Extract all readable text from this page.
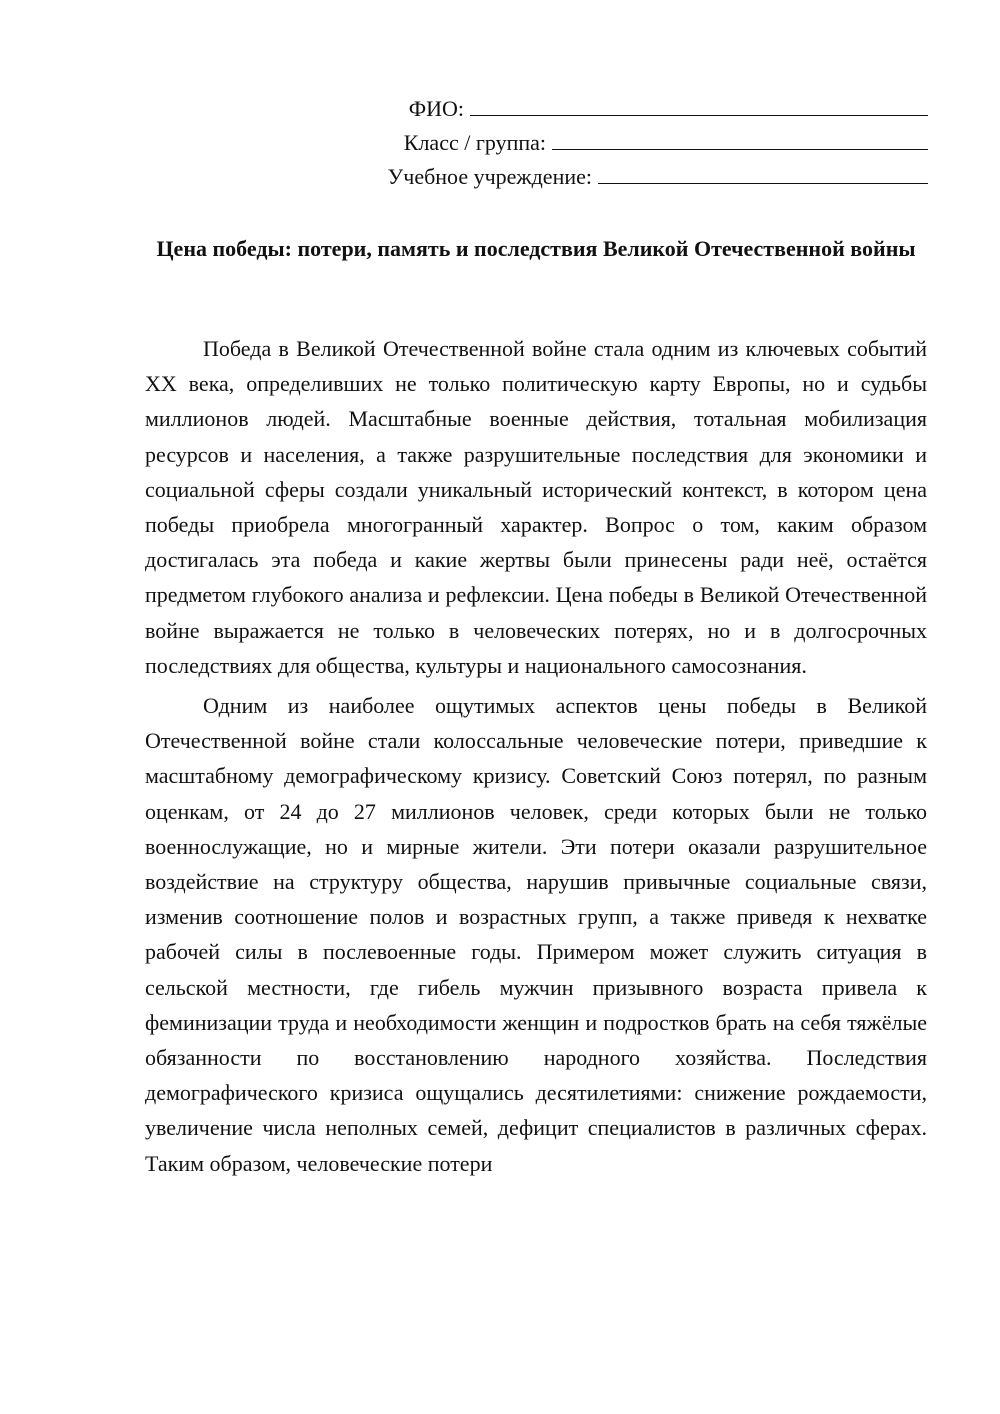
ФИО:
Класс / группа:
Учебное учреждение:
Цена победы: потери, память и последствия Великой Отечественной войны

Победа в Великой Отечественной войне стала одним из ключевых событий XX века, определивших не только политическую карту Европы, но и судьбы миллионов людей. Масштабные военные действия, тотальная мобилизация ресурсов и населения, а также разрушительные последствия для экономики и социальной сферы создали уникальный исторический контекст, в котором цена победы приобрела многогранный характер. Вопрос о том, каким образом достигалась эта победа и какие жертвы были принесены ради неё, остаётся предметом глубокого анализа и рефлексии. Цена победы в Великой Отечественной войне выражается не только в человеческих потерях, но и в долгосрочных последствиях для общества, культуры и национального самосознания.

Одним из наиболее ощутимых аспектов цены победы в Великой Отечественной войне стали колоссальные человеческие потери, приведшие к масштабному демографическому кризису. Советский Союз потерял, по разным оценкам, от 24 до 27 миллионов человек, среди которых были не только военнослужащие, но и мирные жители. Эти потери оказали разрушительное воздействие на структуру общества, нарушив привычные социальные связи, изменив соотношение полов и возрастных групп, а также приведя к нехватке рабочей силы в послевоенные годы. Примером может служить ситуация в сельской местности, где гибель мужчин призывного возраста привела к феминизации труда и необходимости женщин и подростков брать на себя тяжёлые обязанности по восстановлению народного хозяйства. Последствия демографического кризиса ощущались десятилетиями: снижение рождаемости, увеличение числа неполных семей, дефицит специалистов в различных сферах. Таким образом, человеческие потери
